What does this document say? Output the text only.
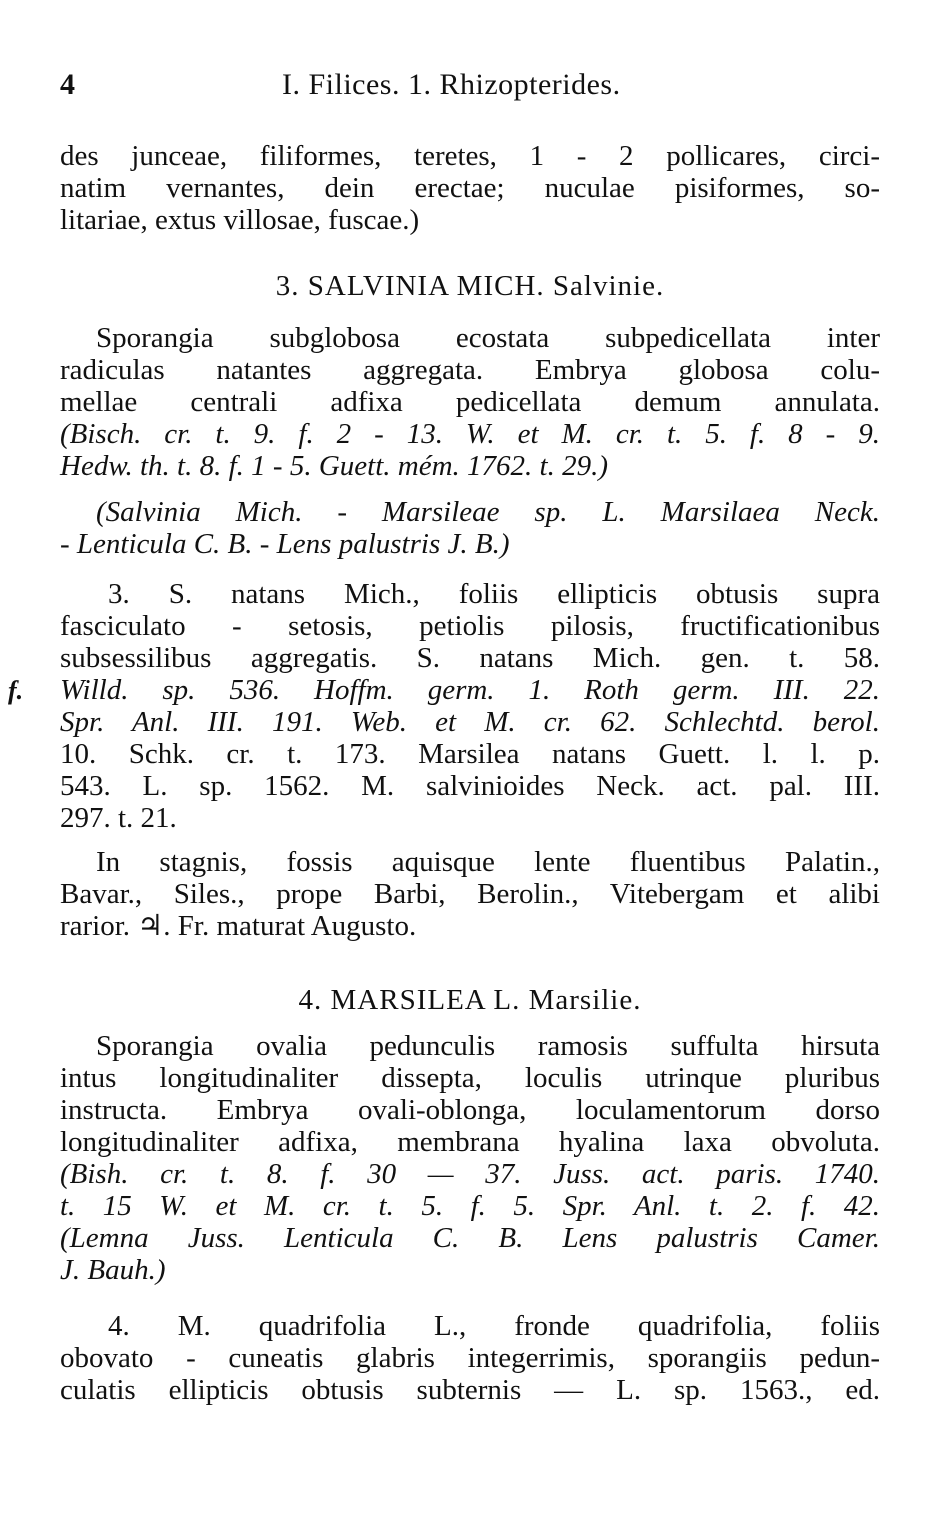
4	I. Filices. 1. Rhizopterides.
des junceae, filiformes, teretes, 1 - 2 pollicares, circi-
natim vernantes, dein erectae; nuculae pisiformes, so-
litariae, extus villosae, fuscae.)
3. SALVINIA MICH. Salvinie.
Sporangia subglobosa ecostata subpedicellata inter
radiculas natantes aggregata. Embrya globosa colu-
mellae centrali adfixa pedicellata demum annulata.
(Bisch. cr. t. 9. f. 2 - 13. W. et M. cr. t. 5. f. 8 - 9.
Hedw. th. t. 8. f. 1 - 5. Guett. mém. 1762. t. 29.)
(Salvinia Mich. - Marsileae sp. L. Marsilaea Neck.
- Lenticula C. B. - Lens palustris J. B.)
3. S. natans Mich., foliis ellipticis obtusis supra
fasciculato - setosis, petiolis pilosis, fructificationibus
subsessilibus aggregatis. S. natans Mich. gen. t. 58.
Willd. sp. 536. Hoffm. germ. 1. Roth germ. III. 22.
Spr. Anl. III. 191. Web. et M. cr. 62. Schlechtd. berol.
10. Schk. cr. t. 173. Marsilea natans Guett. l. l. p.
543. L. sp. 1562. M. salvinioides Neck. act. pal. III.
297. t. 21.
f.
In stagnis, fossis aquisque lente fluentibus Palatin.,
Bavar., Siles., prope Barbi, Berolin., Vitebergam et alibi
rarior. ♃. Fr. maturat Augusto.
4. MARSILEA L. Marsilie.
Sporangia ovalia pedunculis ramosis suffulta hirsuta
intus longitudinaliter dissepta, loculis utrinque pluribus
instructa. Embrya ovali-oblonga, loculamentorum dorso
longitudinaliter adfixa, membrana hyalina laxa obvoluta.
(Bish. cr. t. 8. f. 30 — 37. Juss. act. paris. 1740.
t. 15 W. et M. cr. t. 5. f. 5. Spr. Anl. t. 2. f. 42.
(Lemna Juss. Lenticula C. B. Lens palustris Camer.
J. Bauh.)
4. M. quadrifolia L., fronde quadrifolia, foliis
obovato - cuneatis glabris integerrimis, sporangiis pedun-
culatis ellipticis obtusis subternis — L. sp. 1563., ed.
